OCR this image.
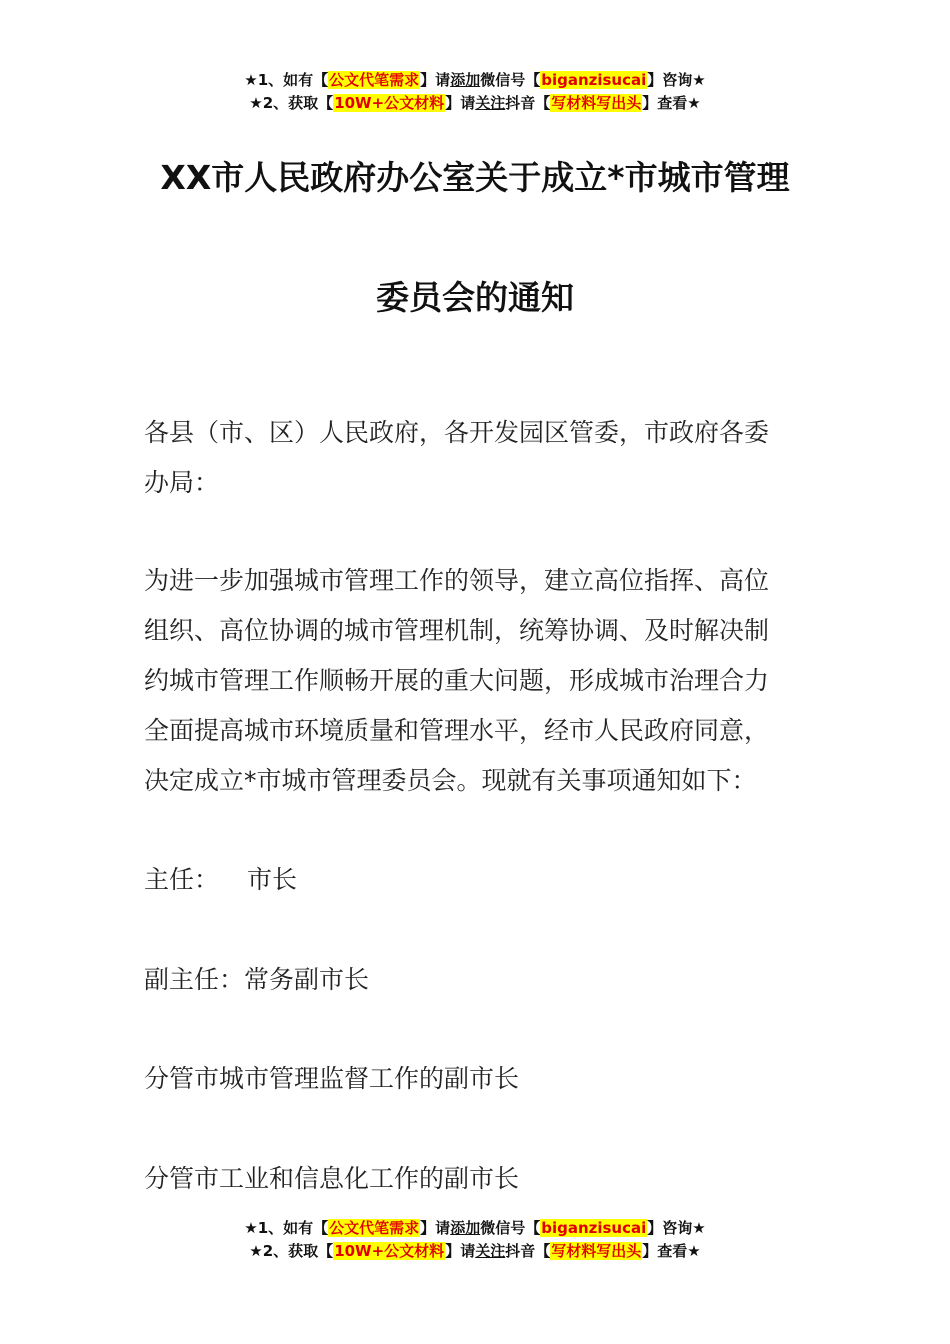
★1、如有【公文代笔需求】请添加微信号【biganzisucai】咨询★
★2、获取【10W+公文材料】请关注抖音【写材料写出头】查看★
XX市人民政府办公室关于成立*市城市管理
委员会的通知

各县（市、区）人民政府，各开发园区管委，市政府各委

办局：

为进一步加强城市管理工作的领导，建立高位指挥、高位

组织、高位协调的城市管理机制，统筹协调、及时解决制

约城市管理工作顺畅开展的重大问题，形成城市治理合力

全面提高城市环境质量和管理水平，经市人民政府同意，

决定成立*市城市管理委员会。现就有关事项通知如下：

主任： 市长

副主任：常务副市长

分管市城市管理监督工作的副市长

分管市工业和信息化工作的副市长

★1、如有【公文代笔需求】请添加微信号【biganzisucai】咨询★
★2、获取【10W+公文材料】请关注抖音【写材料写出头】查看★
